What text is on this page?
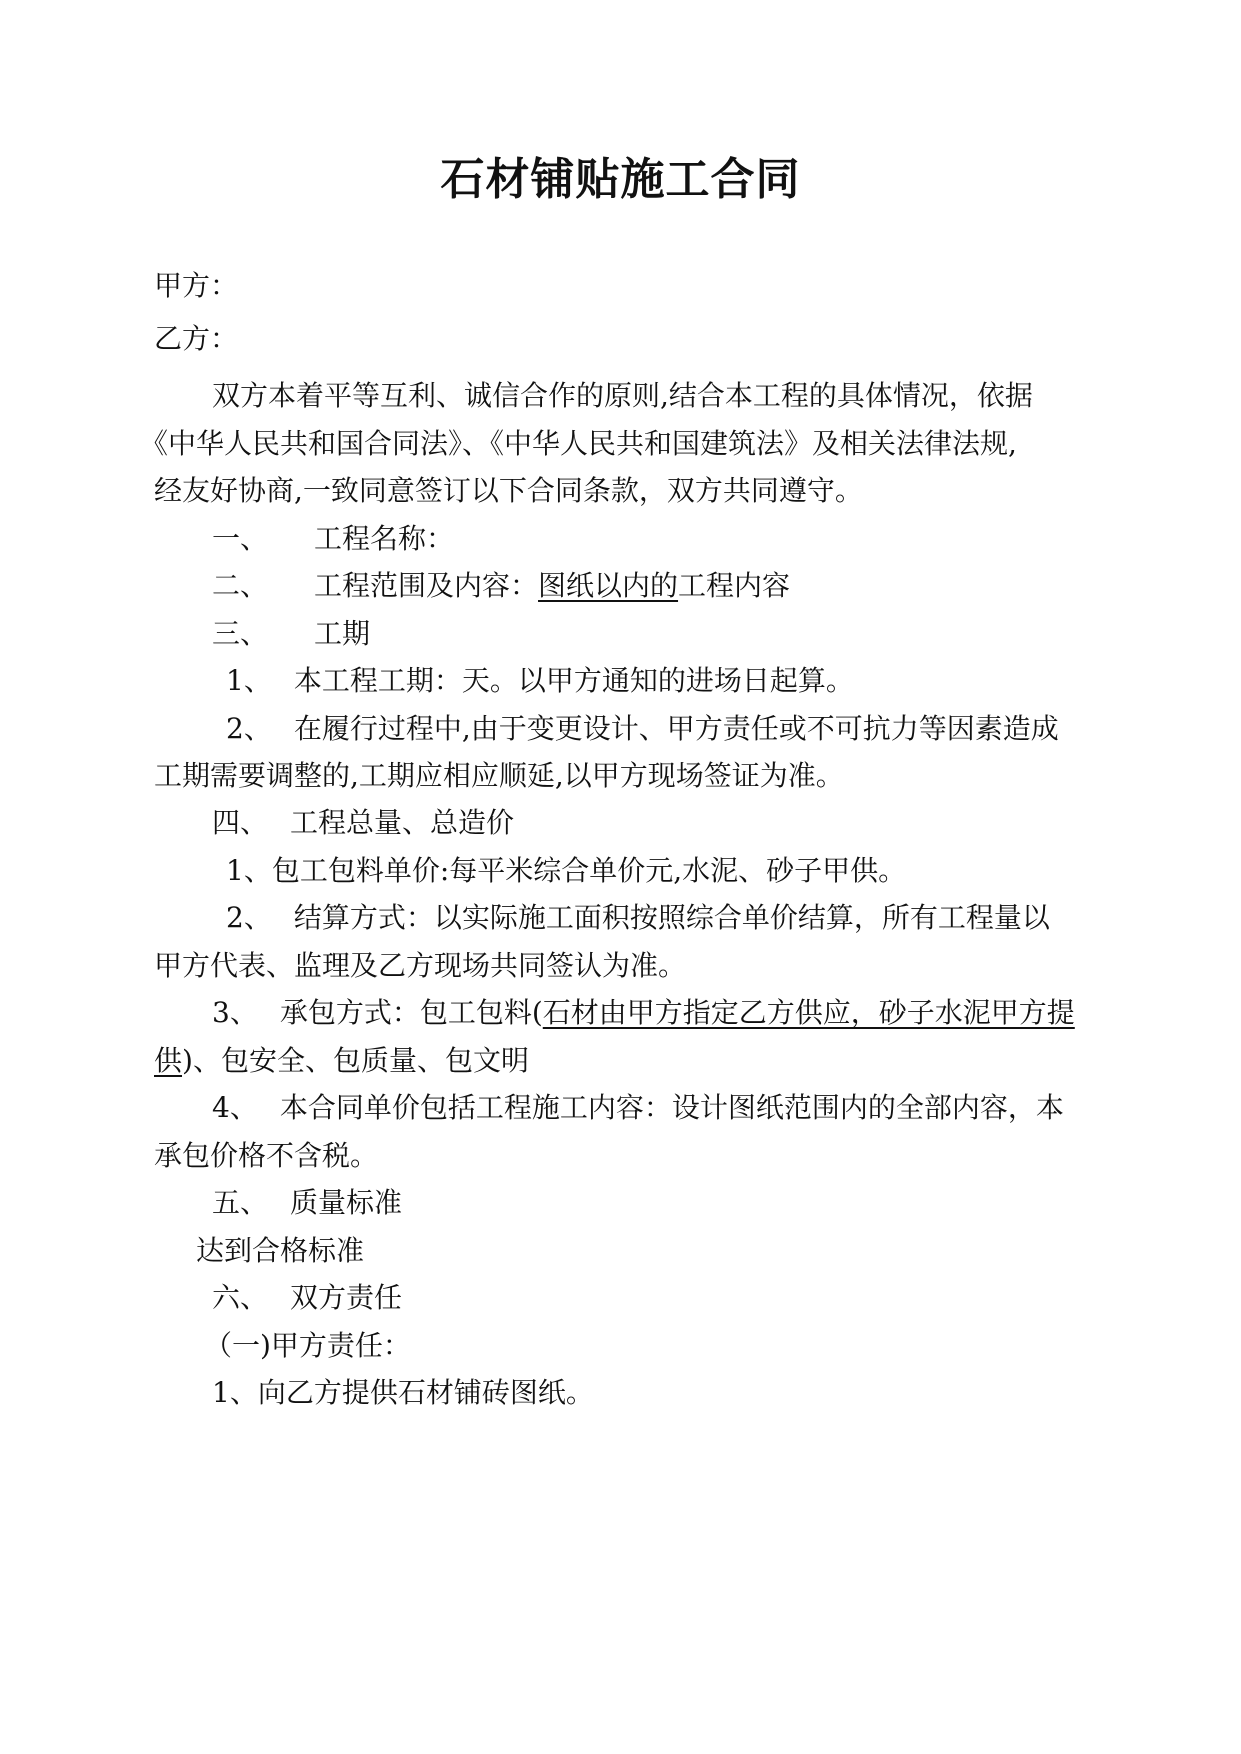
石材铺贴施工合同
甲方：
乙方：
双方本着平等互利、诚信合作的原则,结合本工程的具体情况，依据
《中华人民共和国合同法》、《中华人民共和国建筑法》及相关法律法规,
经友好协商,一致同意签订以下合同条款，双方共同遵守。
一、 工程名称：
二、 工程范围及内容：图纸以内的工程内容
三、 工期
1、 本工程工期：天。以甲方通知的进场日起算。
2、 在履行过程中,由于变更设计、甲方责任或不可抗力等因素造成
工期需要调整的,工期应相应顺延,以甲方现场签证为准。
四、 工程总量、总造价
1、包工包料单价:每平米综合单价元,水泥、砂子甲供。
2、 结算方式：以实际施工面积按照综合单价结算，所有工程量以
甲方代表、监理及乙方现场共同签认为准。
3、 承包方式：包工包料(石材由甲方指定乙方供应，砂子水泥甲方提
供)、包安全、包质量、包文明
4、 本合同单价包括工程施工内容：设计图纸范围内的全部内容，本
承包价格不含税。
五、 质量标准
达到合格标准
六、 双方责任
（一)甲方责任：
1、向乙方提供石材铺砖图纸。
